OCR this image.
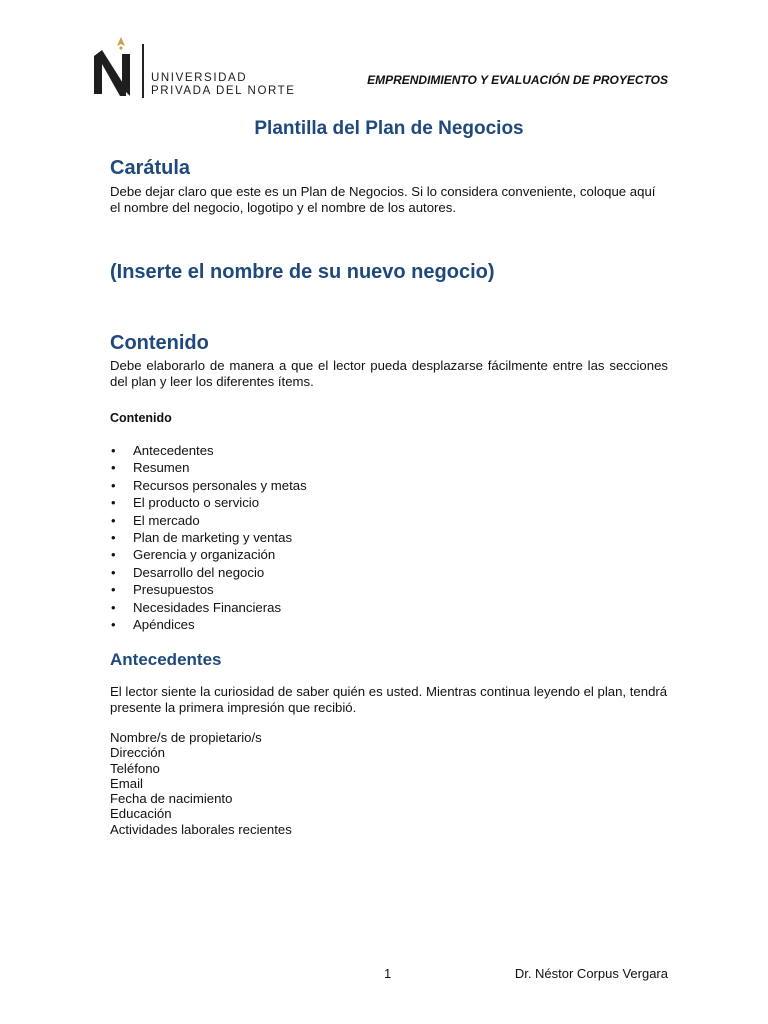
UNIVERSIDAD
PRIVADA DEL NORTE
EMPRENDIMIENTO Y EVALUACIÓN DE PROYECTOS
Plantilla del Plan de Negocios
Carátula
Debe dejar claro que este es un Plan de Negocios. Si lo considera conveniente, coloque aquí el nombre del negocio, logotipo y el nombre de los autores.
(Inserte el nombre de su nuevo negocio)
Contenido
Debe elaborarlo de manera a que el lector pueda desplazarse fácilmente entre las secciones del plan y leer los diferentes ítems.
Contenido
• Antecedentes
• Resumen
• Recursos personales y metas
• El producto o servicio
• El mercado
• Plan de marketing y ventas
• Gerencia y organización
• Desarrollo del negocio
• Presupuestos
• Necesidades Financieras
• Apéndices
Antecedentes
El lector siente la curiosidad de saber quién es usted. Mientras continua leyendo el plan, tendrá presente la primera impresión que recibió.
Nombre/s de propietario/s
Dirección
Teléfono
Email
Fecha de nacimiento
Educación
Actividades laborales recientes
1	Dr. Néstor Corpus Vergara
